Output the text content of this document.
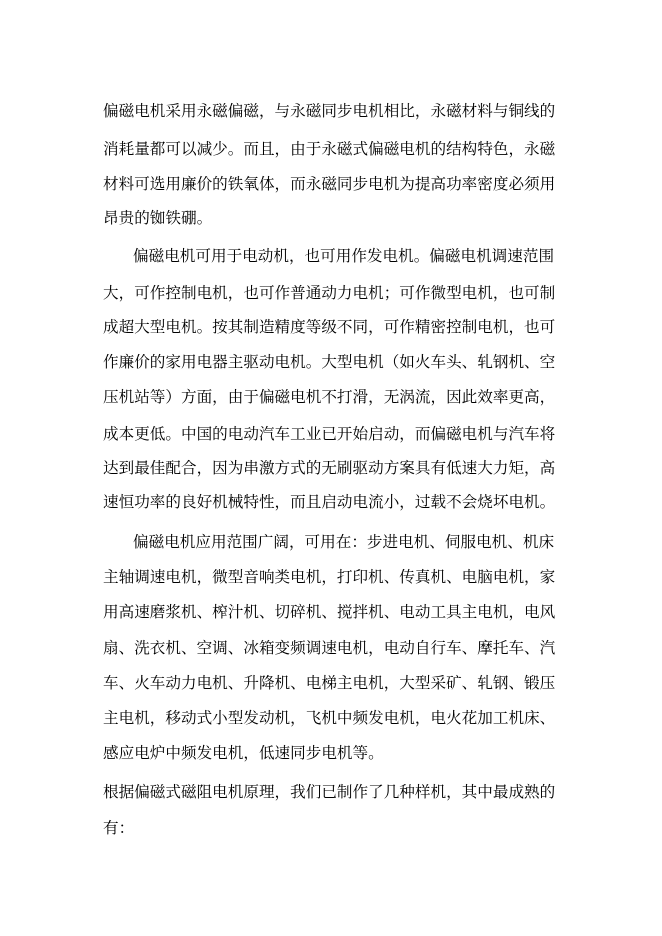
偏磁电机采用永磁偏磁，与永磁同步电机相比，永磁材料与铜线的
消耗量都可以减少。而且，由于永磁式偏磁电机的结构特色，永磁
材料可选用廉价的铁氧体，而永磁同步电机为提高功率密度必须用
昂贵的铷铁硼。
偏磁电机可用于电动机，也可用作发电机。偏磁电机调速范围
大，可作控制电机，也可作普通动力电机；可作微型电机，也可制
成超大型电机。按其制造精度等级不同，可作精密控制电机，也可
作廉价的家用电器主驱动电机。大型电机（如火车头、轧钢机、空
压机站等）方面，由于偏磁电机不打滑，无涡流，因此效率更高，
成本更低。中国的电动汽车工业已开始启动，而偏磁电机与汽车将
达到最佳配合，因为串激方式的无刷驱动方案具有低速大力矩，高
速恒功率的良好机械特性，而且启动电流小，过载不会烧坏电机。
偏磁电机应用范围广阔，可用在：步进电机、伺服电机、机床
主轴调速电机，微型音响类电机，打印机、传真机、电脑电机，家
用高速磨浆机、榨汁机、切碎机、搅拌机、电动工具主电机，电风
扇、洗衣机、空调、冰箱变频调速电机，电动自行车、摩托车、汽
车、火车动力电机、升降机、电梯主电机，大型采矿、轧钢、锻压
主电机，移动式小型发动机，飞机中频发电机，电火花加工机床、
感应电炉中频发电机，低速同步电机等。
根据偏磁式磁阻电机原理，我们已制作了几种样机，其中最成熟的
有：
